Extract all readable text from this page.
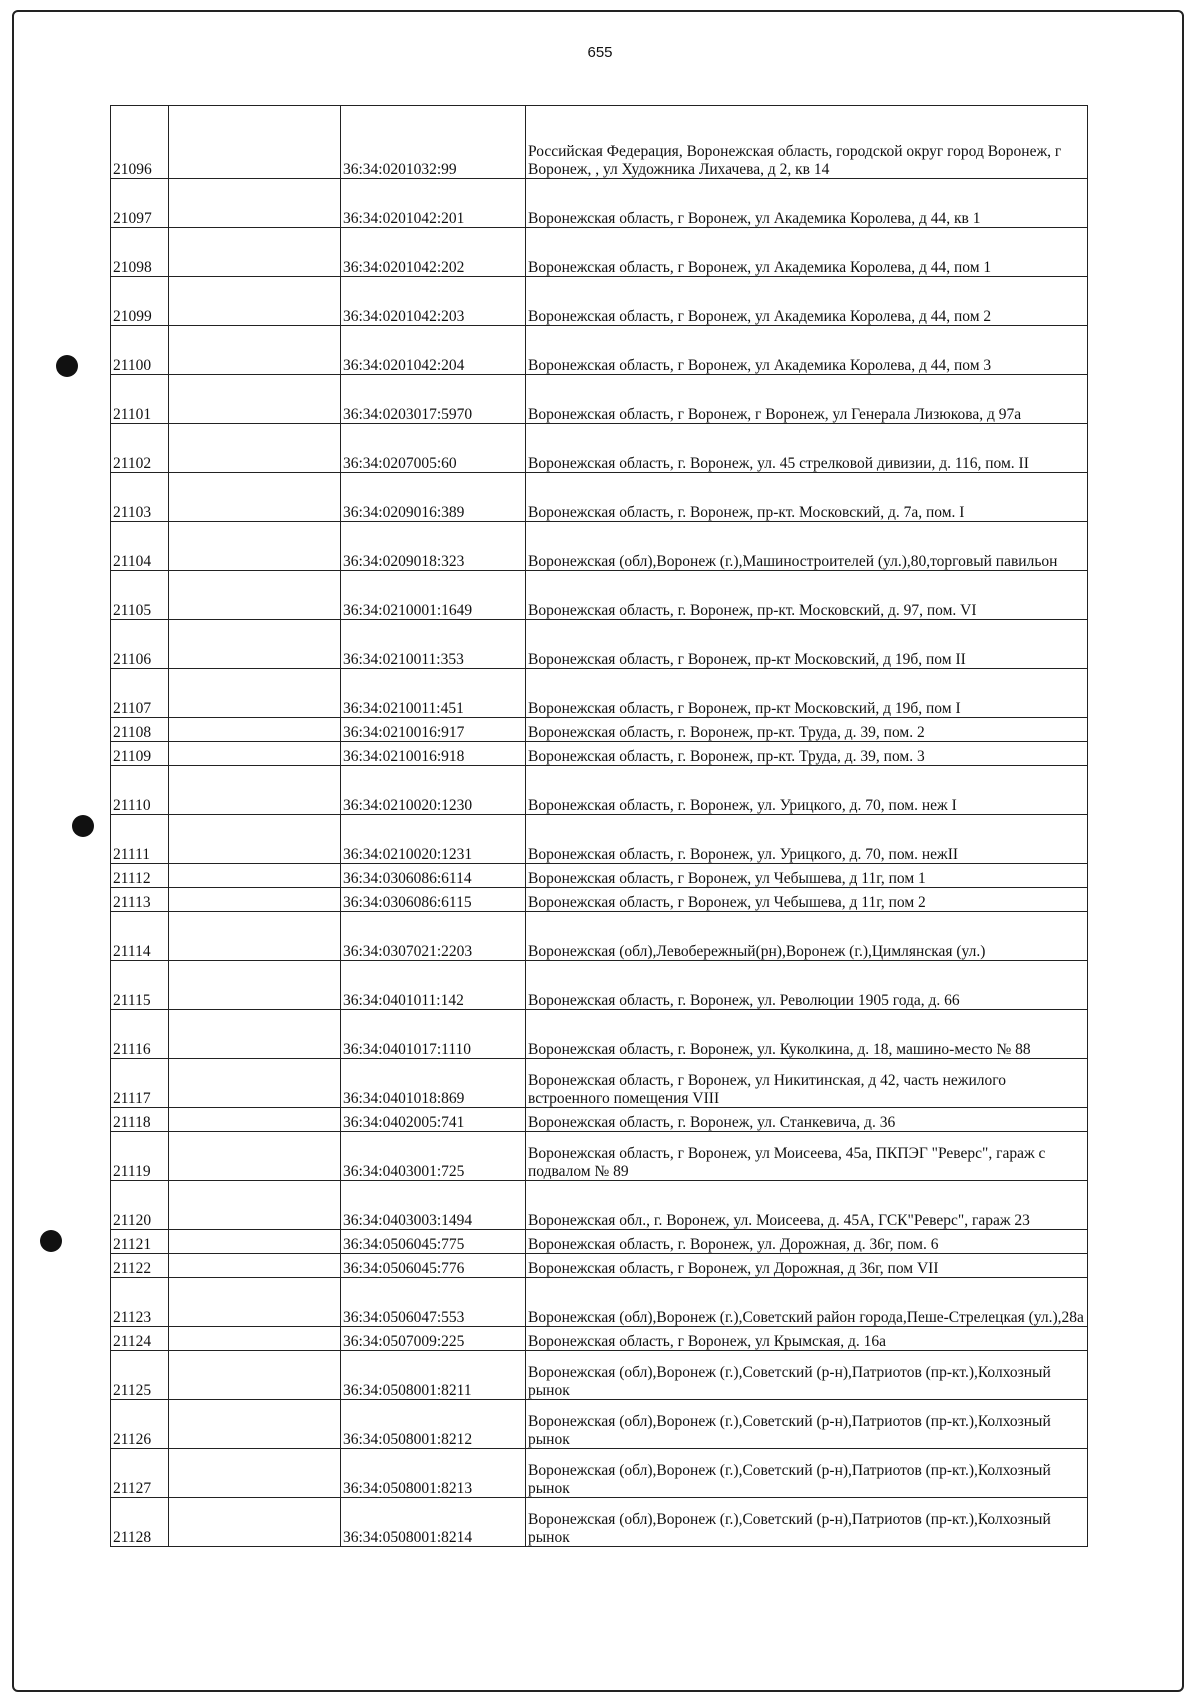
655
21096		36:34:0201032:99	Российская Федерация, Воронежская область, городской округ город Воронеж, г Воронеж, , ул Художника Лихачева, д 2, кв 14
21097		36:34:0201042:201	Воронежская область, г Воронеж, ул Академика Королева, д 44, кв 1
21098		36:34:0201042:202	Воронежская область, г Воронеж, ул Академика Королева, д 44, пом 1
21099		36:34:0201042:203	Воронежская область, г Воронеж, ул Академика Королева, д 44, пом 2
21100		36:34:0201042:204	Воронежская область, г Воронеж, ул Академика Королева, д 44, пом 3
21101		36:34:0203017:5970	Воронежская область, г Воронеж, г Воронеж, ул Генерала Лизюкова, д 97а
21102		36:34:0207005:60	Воронежская область, г. Воронеж, ул. 45 стрелковой дивизии, д. 116, пом. II
21103		36:34:0209016:389	Воронежская область, г. Воронеж, пр-кт. Московский, д. 7а, пом. I
21104		36:34:0209018:323	Воронежская (обл),Воронеж (г.),Машиностроителей (ул.),80,торговый павильон
21105		36:34:0210001:1649	Воронежская область, г. Воронеж, пр-кт. Московский, д. 97, пом. VI
21106		36:34:0210011:353	Воронежская область, г Воронеж, пр-кт Московский, д 19б, пом II
21107		36:34:0210011:451	Воронежская область, г Воронеж, пр-кт Московский, д 19б, пом I
21108		36:34:0210016:917	Воронежская область, г. Воронеж, пр-кт. Труда, д. 39, пом. 2
21109		36:34:0210016:918	Воронежская область, г. Воронеж, пр-кт. Труда, д. 39, пом. 3
21110		36:34:0210020:1230	Воронежская область, г. Воронеж, ул. Урицкого, д. 70, пом. неж I
21111		36:34:0210020:1231	Воронежская область, г. Воронеж, ул. Урицкого, д. 70, пом. нежII
21112		36:34:0306086:6114	Воронежская область, г Воронеж, ул Чебышева, д 11г, пом 1
21113		36:34:0306086:6115	Воронежская область, г Воронеж, ул Чебышева, д 11г, пом 2
21114		36:34:0307021:2203	Воронежская (обл),Левобережный(рн),Воронеж (г.),Цимлянская (ул.)
21115		36:34:0401011:142	Воронежская область, г. Воронеж, ул. Революции 1905 года, д. 66
21116		36:34:0401017:1110	Воронежская область, г. Воронеж, ул. Куколкина, д. 18, машино-место № 88
21117		36:34:0401018:869	Воронежская область, г Воронеж, ул Никитинская, д 42, часть нежилого встроенного помещения VIII
21118		36:34:0402005:741	Воронежская область, г. Воронеж, ул. Станкевича, д. 36
21119		36:34:0403001:725	Воронежская область, г Воронеж, ул Моисеева, 45а, ПКПЭГ "Реверс", гараж с подвалом № 89
21120		36:34:0403003:1494	Воронежская обл., г. Воронеж, ул. Моисеева, д. 45А, ГСК"Реверс", гараж 23
21121		36:34:0506045:775	Воронежская область, г. Воронеж, ул. Дорожная, д. 36г, пом. 6
21122		36:34:0506045:776	Воронежская область, г Воронеж, ул Дорожная, д 36г, пом VII
21123		36:34:0506047:553	Воронежская (обл),Воронеж (г.),Советский район города,Пеше-Стрелецкая (ул.),28а
21124		36:34:0507009:225	Воронежская область, г Воронеж, ул Крымская, д. 16а
21125		36:34:0508001:8211	Воронежская (обл),Воронеж (г.),Советский (р-н),Патриотов (пр-кт.),Колхозный рынок
21126		36:34:0508001:8212	Воронежская (обл),Воронеж (г.),Советский (р-н),Патриотов (пр-кт.),Колхозный рынок
21127		36:34:0508001:8213	Воронежская (обл),Воронеж (г.),Советский (р-н),Патриотов (пр-кт.),Колхозный рынок
21128		36:34:0508001:8214	Воронежская (обл),Воронеж (г.),Советский (р-н),Патриотов (пр-кт.),Колхозный рынок
